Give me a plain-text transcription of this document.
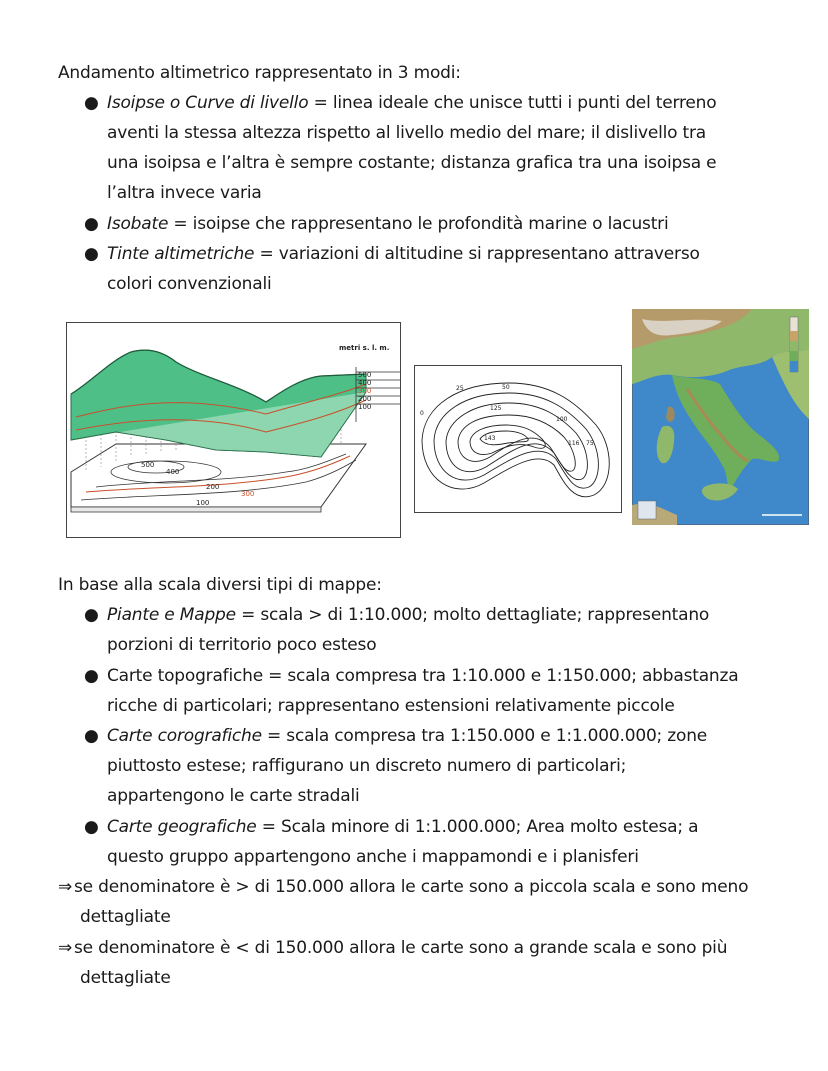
Andamento altimetrico rappresentato in 3 modi:
● Isoipse o Curve di livello = linea ideale che unisce tutti i punti del terreno
aventi la stessa altezza rispetto al livello medio del mare; il dislivello tra
una isoipsa e l’altra è sempre costante; distanza grafica tra una isoipsa e
l’altra invece varia
● Isobate = isoipse che rappresentano le profondità marine o lacustri
● Tinte altimetriche = variazioni di altitudine si rappresentano attraverso
colori convenzionali
metri s. l. m.
500
400
300
200
100
500
400
200
300
100
0
25	50
100
75
125
143
116
In base alla scala diversi tipi di mappe:
● Piante e Mappe = scala > di 1:10.000; molto dettagliate; rappresentano
porzioni di territorio poco esteso
● Carte topografiche = scala compresa tra 1:10.000 e 1:150.000; abbastanza
ricche di particolari; rappresentano estensioni relativamente piccole
● Carte corografiche = scala compresa tra 1:150.000 e 1:1.000.000; zone
piuttosto estese; raffigurano un discreto numero di particolari;
appartengono le carte stradali
● Carte geografiche = Scala minore di 1:1.000.000; Area molto estesa; a
questo gruppo appartengono anche i mappamondi e i planisferi
⇒ se denominatore è > di 150.000 allora le carte sono a piccola scala e sono meno
dettagliate
⇒ se denominatore è < di 150.000 allora le carte sono a grande scala e sono più
dettagliate
